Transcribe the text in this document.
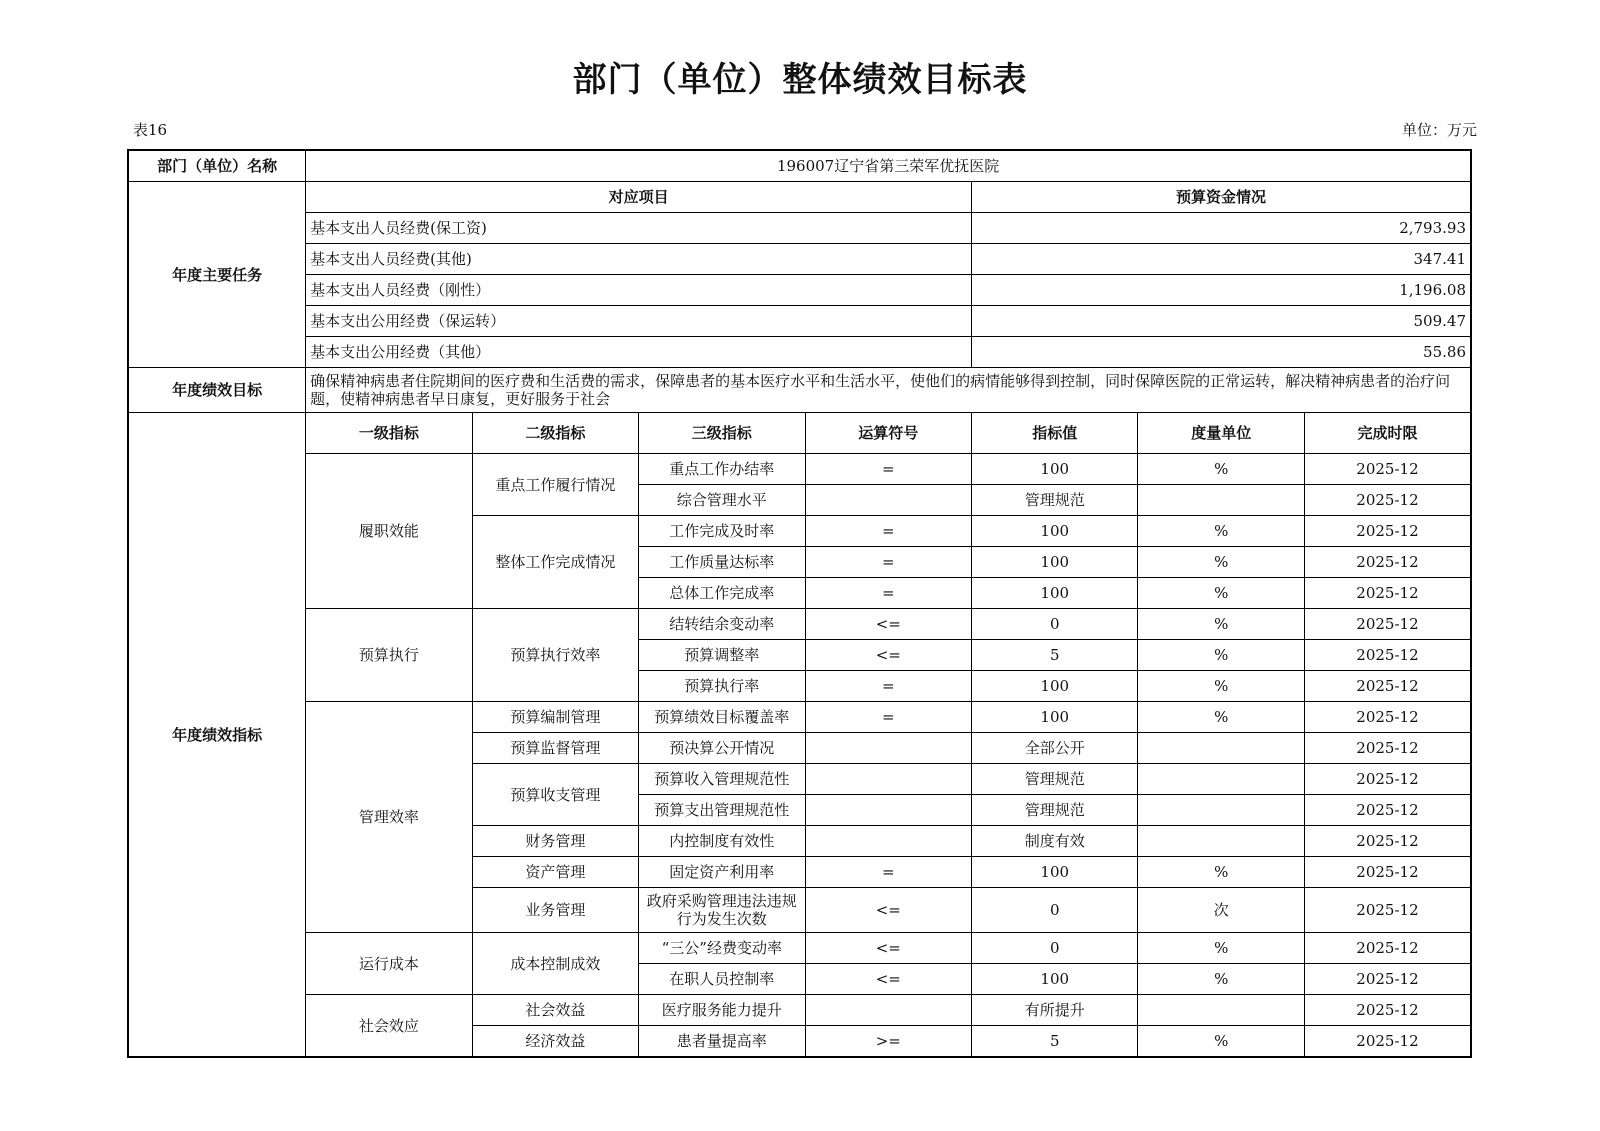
部门（单位）整体绩效目标表
表16	单位：万元
部门（单位）名称	196007辽宁省第三荣军优抚医院						
年度主要任务	对应项目				预算资金情况		
	基本支出人员经费(保工资)				2,793.93		
	基本支出人员经费(其他)				347.41		
	基本支出人员经费（刚性）				1,196.08		
	基本支出公用经费（保运转）				509.47		
	基本支出公用经费（其他）				55.86		
年度绩效目标	确保精神病患者住院期间的医疗费和生活费的需求，保障患者的基本医疗水平和生活水平，使他们的病情能够得到控制，同时保障医院的正常运转，解决精神病患者的治疗问题，使精神病患者早日康复，更好服务于社会						
年度绩效指标	一级指标	二级指标	三级指标	运算符号	指标值	度量单位	完成时限
	履职效能	重点工作履行情况	重点工作办结率	=	100	%	2025-12
			综合管理水平		管理规范		2025-12
		整体工作完成情况	工作完成及时率	=	100	%	2025-12
			工作质量达标率	=	100	%	2025-12
			总体工作完成率	=	100	%	2025-12
	预算执行	预算执行效率	结转结余变动率	<=	0	%	2025-12
			预算调整率	<=	5	%	2025-12
			预算执行率	=	100	%	2025-12
	管理效率	预算编制管理	预算绩效目标覆盖率	=	100	%	2025-12
		预算监督管理	预决算公开情况		全部公开		2025-12
		预算收支管理	预算收入管理规范性		管理规范		2025-12
			预算支出管理规范性		管理规范		2025-12
		财务管理	内控制度有效性		制度有效		2025-12
		资产管理	固定资产利用率	=	100	%	2025-12
		业务管理	政府采购管理违法违规行为发生次数	<=	0	次	2025-12
	运行成本	成本控制成效	“三公”经费变动率	<=	0	%	2025-12
			在职人员控制率	<=	100	%	2025-12
	社会效应	社会效益	医疗服务能力提升		有所提升		2025-12
		经济效益	患者量提高率	>=	5	%	2025-12
